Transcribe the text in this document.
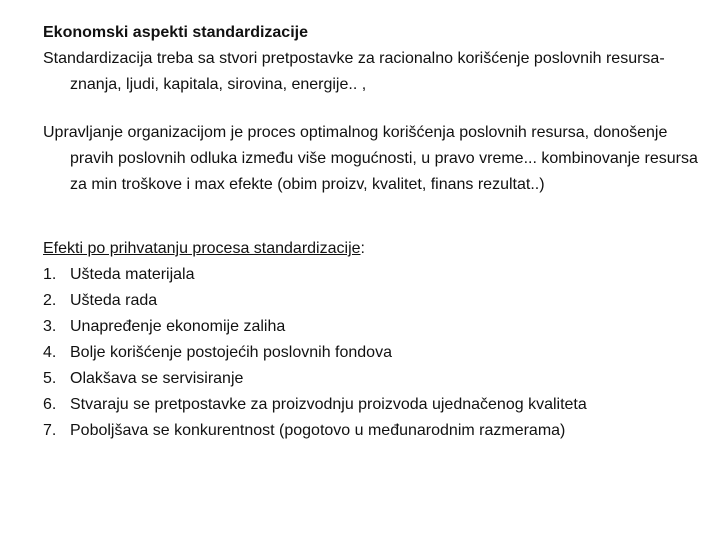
Ekonomski aspekti standardizacije

Standardizacija treba sa stvori pretpostavke za racionalno korišćenje poslovnih resursa- znanja, ljudi, kapitala, sirovina, energije.. ,

Upravljanje organizacijom je proces optimalnog korišćenja poslovnih resursa, donošenje pravih poslovnih odluka između više mogućnosti, u pravo vreme... kombinovanje resursa za min troškove i max efekte (obim proizv, kvalitet, finans rezultat..)

Efekti po prihvatanju procesa standardizacije:

1. Ušteda materijala
2. Ušteda rada
3. Unapređenje ekonomije zaliha
4. Bolje korišćenje postojećih poslovnih fondova
5. Olakšava se servisiranje
6. Stvaraju se pretpostavke za proizvodnju proizvoda ujednačenog kvaliteta
7. Poboljšava se konkurentnost (pogotovo u međunarodnim razmerama)
